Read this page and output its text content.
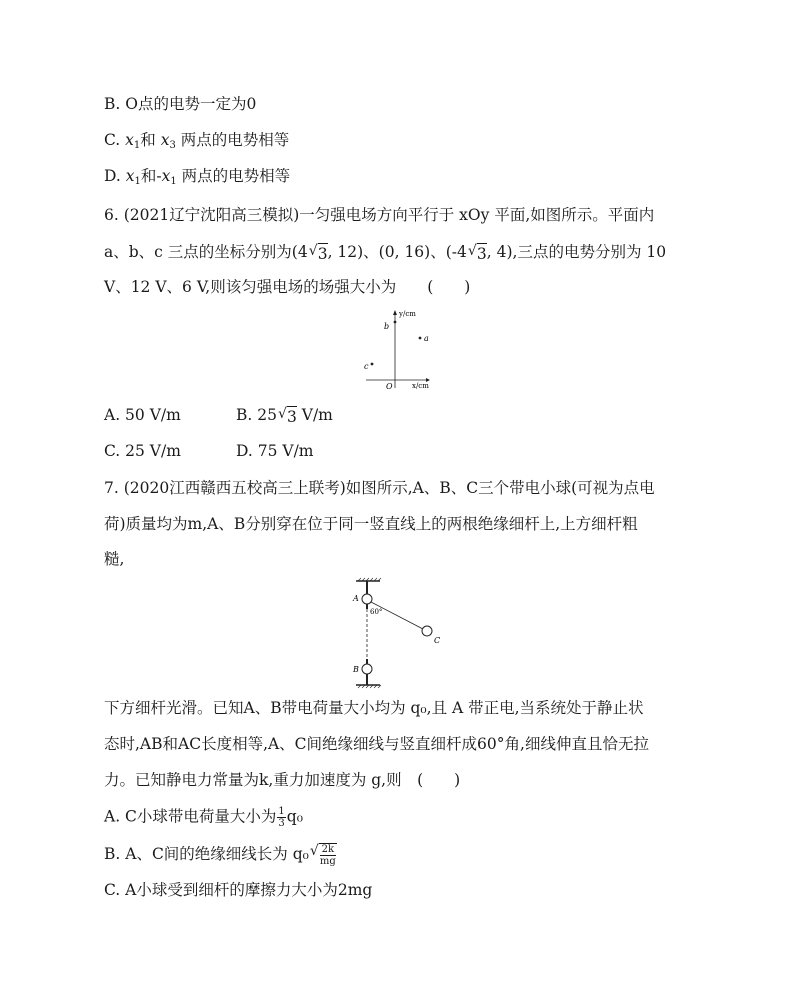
B. O点的电势一定为0
C. $x_1$和 $x_3$ 两点的电势相等
D. $x_1$和$-x_1$ 两点的电势相等
6. (2021辽宁沈阳高三模拟)一匀强电场方向平行于 xOy 平面,如图所示。平面内
a、b、c 三点的坐标分别为(4 √ 3, 12)、(0, 16)、(-4 √ 3, 4),三点的电势分别为 10
V、12 V、6 V,则该匀强电场的场强大小为　　(　　)
y/cm
x/cm
O
a
b
c
A. 50 V/m	B. 25 √ 3 V/m
C. 25 V/m	D. 75 V/m
7. (2020江西赣西五校高三上联考)如图所示,A、B、C三个带电小球(可视为点电
荷)质量均为m,A、B分别穿在位于同一竖直线上的两根绝缘细杆上,上方细杆粗
糙,
A
60°
C
B
下方细杆光滑。已知A、B带电荷量大小均为 q₀,且 A 带正电,当系统处于静止状
态时,AB和AC长度相等,A、C间绝缘细线与竖直细杆成60°角,细线伸直且恰无拉
力。已知静电力常量为k,重力加速度为 g,则　(　　)
A. C小球带电荷量大小为 $\frac{1}{3} q_0$
B. A、C间的绝缘细线长为 q₀ √ $\frac{2k}{mg}$
C. A小球受到细杆的摩擦力大小为2mg
